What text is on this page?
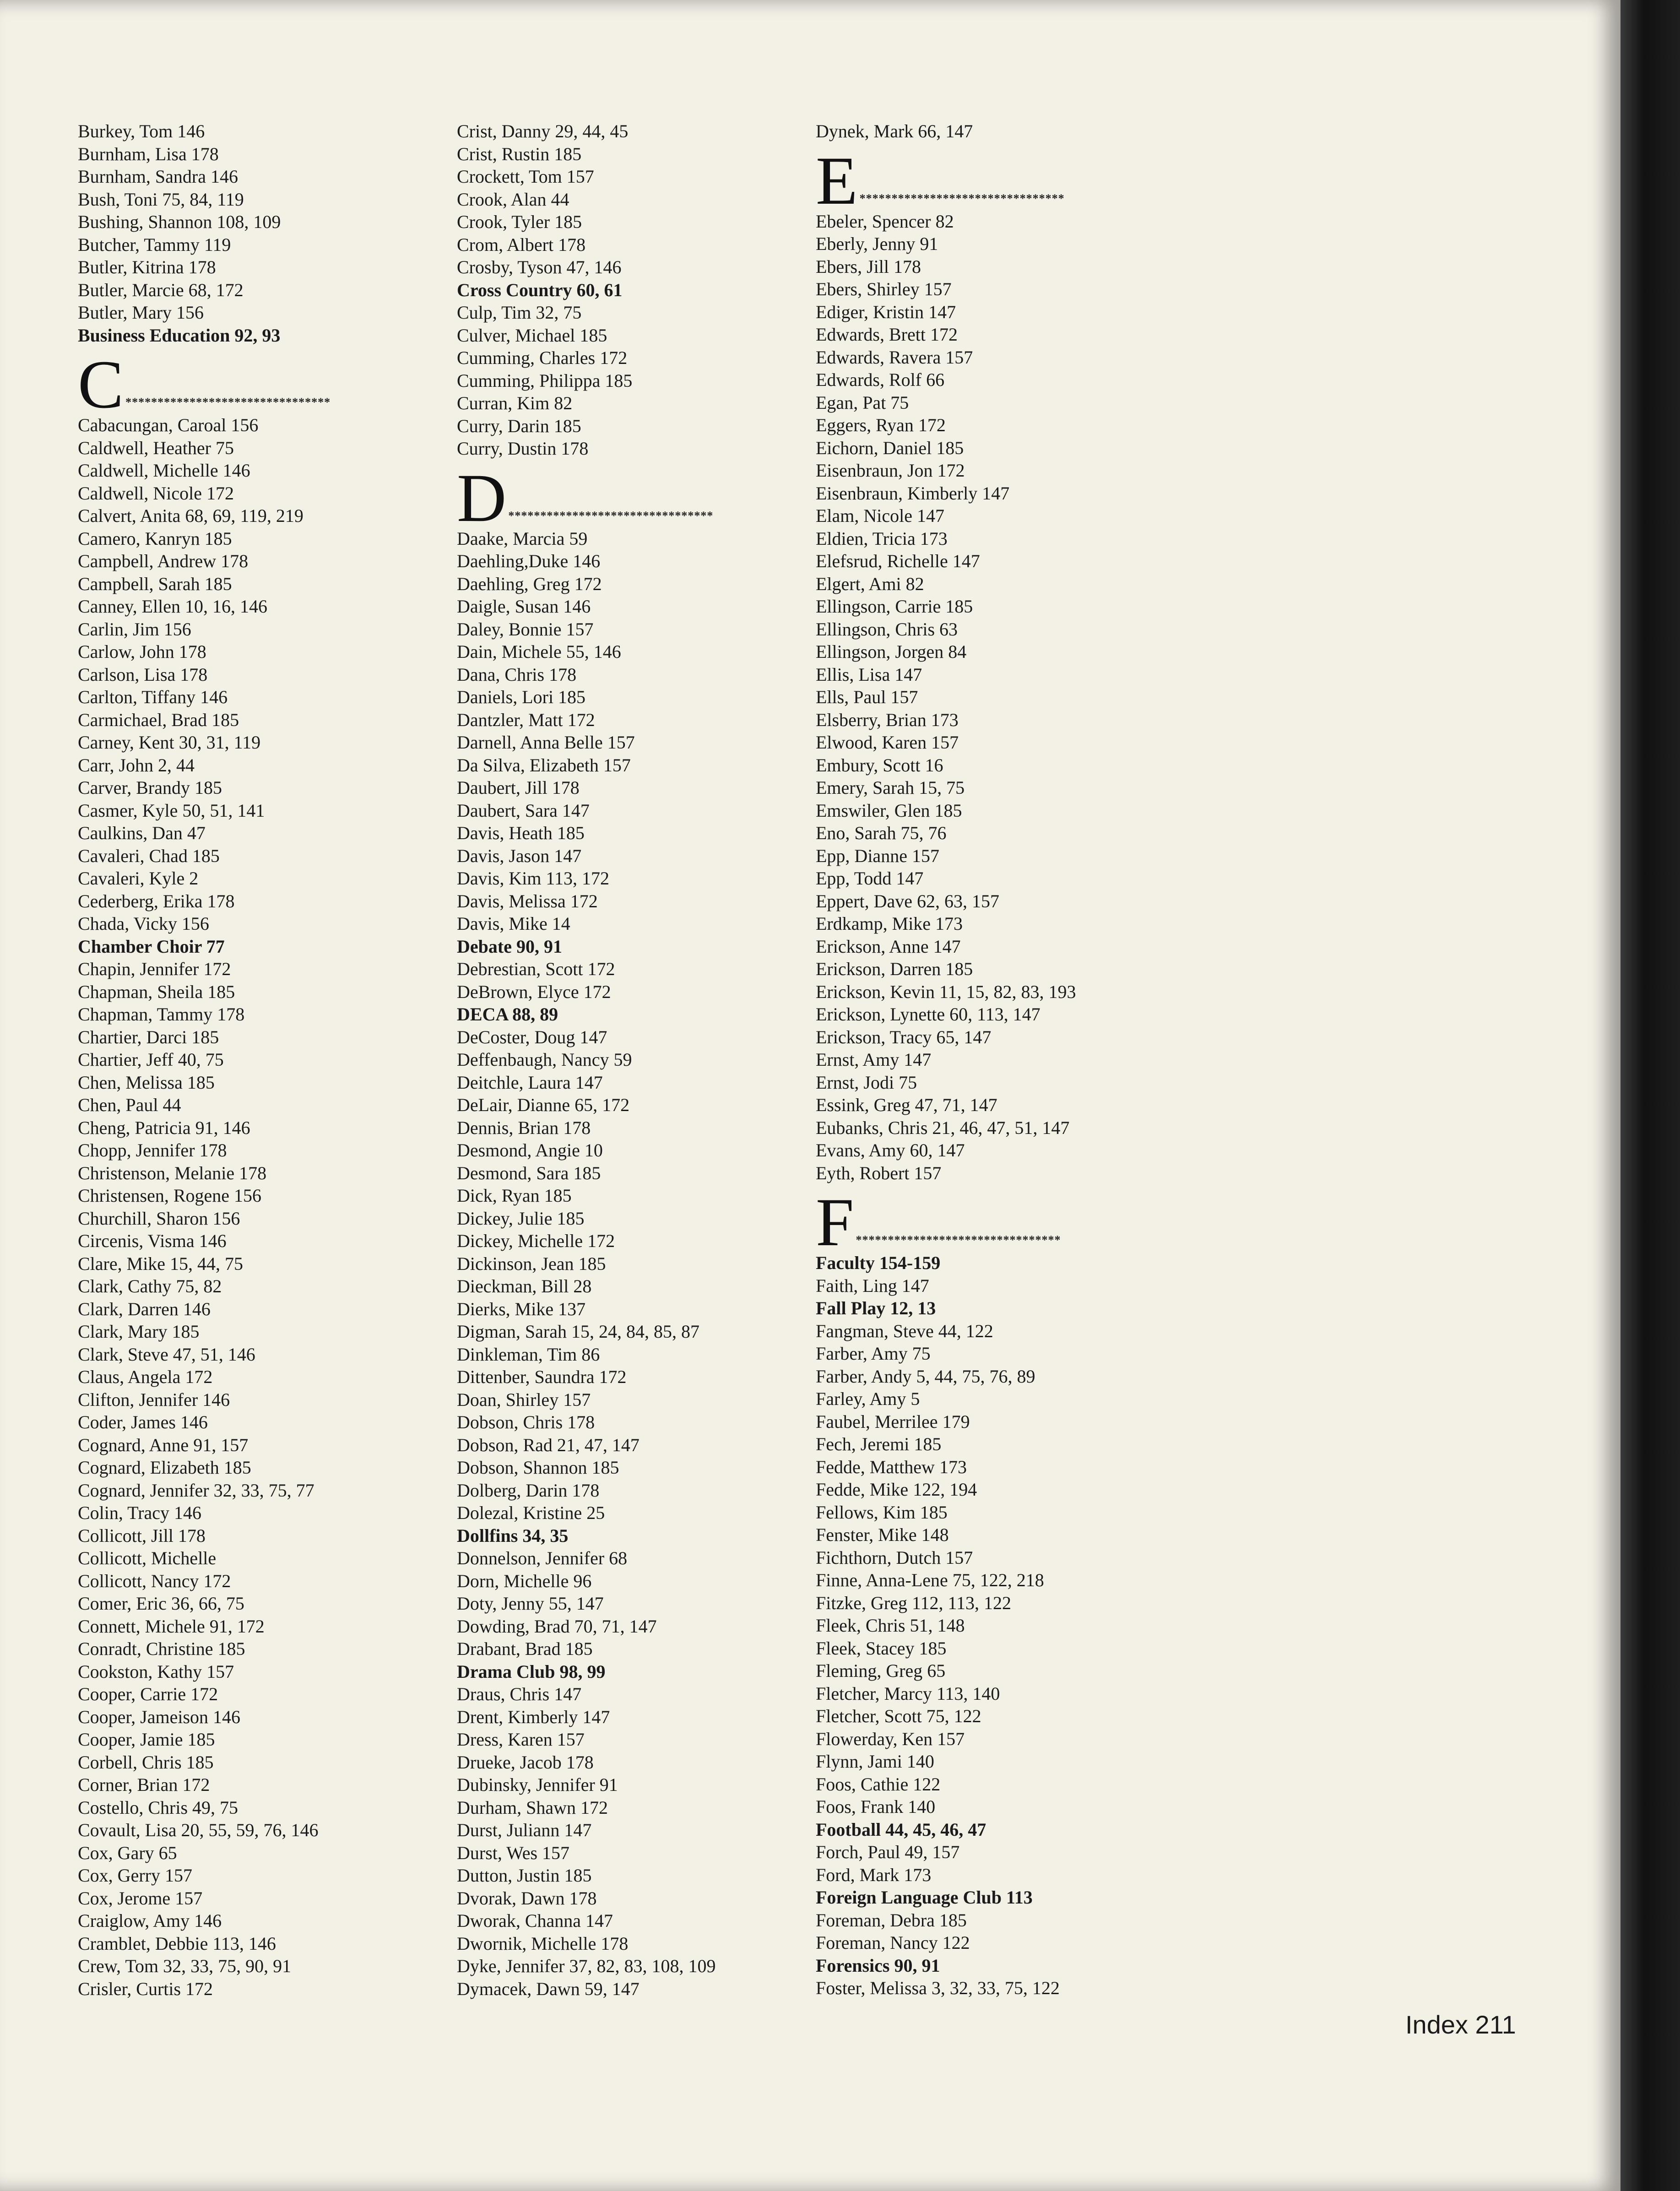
Burkey, Tom 146
Burnham, Lisa 178
Burnham, Sandra 146
Bush, Toni 75, 84, 119
Bushing, Shannon 108, 109
Butcher, Tammy 119
Butler, Kitrina 178
Butler, Marcie 68, 172
Butler, Mary 156
Business Education 92, 93
C ********************************
Cabacungan, Caroal 156
Caldwell, Heather 75
Caldwell, Michelle 146
Caldwell, Nicole 172
Calvert, Anita 68, 69, 119, 219
Camero, Kanryn 185
Campbell, Andrew 178
Campbell, Sarah 185
Canney, Ellen 10, 16, 146
Carlin, Jim 156
Carlow, John 178
Carlson, Lisa 178
Carlton, Tiffany 146
Carmichael, Brad 185
Carney, Kent 30, 31, 119
Carr, John 2, 44
Carver, Brandy 185
Casmer, Kyle 50, 51, 141
Caulkins, Dan 47
Cavaleri, Chad 185
Cavaleri, Kyle 2
Cederberg, Erika 178
Chada, Vicky 156
Chamber Choir 77
Chapin, Jennifer 172
Chapman, Sheila 185
Chapman, Tammy 178
Chartier, Darci 185
Chartier, Jeff 40, 75
Chen, Melissa 185
Chen, Paul 44
Cheng, Patricia 91, 146
Chopp, Jennifer 178
Christenson, Melanie 178
Christensen, Rogene 156
Churchill, Sharon 156
Circenis, Visma 146
Clare, Mike 15, 44, 75
Clark, Cathy 75, 82
Clark, Darren 146
Clark, Mary 185
Clark, Steve 47, 51, 146
Claus, Angela 172
Clifton, Jennifer 146
Coder, James 146
Cognard, Anne 91, 157
Cognard, Elizabeth 185
Cognard, Jennifer 32, 33, 75, 77
Colin, Tracy 146
Collicott, Jill 178
Collicott, Michelle
Collicott, Nancy 172
Comer, Eric 36, 66, 75
Connett, Michele 91, 172
Conradt, Christine 185
Cookston, Kathy 157
Cooper, Carrie 172
Cooper, Jameison 146
Cooper, Jamie 185
Corbell, Chris 185
Corner, Brian 172
Costello, Chris 49, 75
Covault, Lisa 20, 55, 59, 76, 146
Cox, Gary 65
Cox, Gerry 157
Cox, Jerome 157
Craiglow, Amy 146
Cramblet, Debbie 113, 146
Crew, Tom 32, 33, 75, 90, 91
Crisler, Curtis 172
Crist, Danny 29, 44, 45
Crist, Rustin 185
Crockett, Tom 157
Crook, Alan 44
Crook, Tyler 185
Crom, Albert 178
Crosby, Tyson 47, 146
Cross Country 60, 61
Culp, Tim 32, 75
Culver, Michael 185
Cumming, Charles 172
Cumming, Philippa 185
Curran, Kim 82
Curry, Darin 185
Curry, Dustin 178
D ********************************
Daake, Marcia 59
Daehling,Duke 146
Daehling, Greg 172
Daigle, Susan 146
Daley, Bonnie 157
Dain, Michele 55, 146
Dana, Chris 178
Daniels, Lori 185
Dantzler, Matt 172
Darnell, Anna Belle 157
Da Silva, Elizabeth 157
Daubert, Jill 178
Daubert, Sara 147
Davis, Heath 185
Davis, Jason 147
Davis, Kim 113, 172
Davis, Melissa 172
Davis, Mike 14
Debate 90, 91
Debrestian, Scott 172
DeBrown, Elyce 172
DECA 88, 89
DeCoster, Doug 147
Deffenbaugh, Nancy 59
Deitchle, Laura 147
DeLair, Dianne 65, 172
Dennis, Brian 178
Desmond, Angie 10
Desmond, Sara 185
Dick, Ryan 185
Dickey, Julie 185
Dickey, Michelle 172
Dickinson, Jean 185
Dieckman, Bill 28
Dierks, Mike 137
Digman, Sarah 15, 24, 84, 85, 87
Dinkleman, Tim 86
Dittenber, Saundra 172
Doan, Shirley 157
Dobson, Chris 178
Dobson, Rad 21, 47, 147
Dobson, Shannon 185
Dolberg, Darin 178
Dolezal, Kristine 25
Dollfins 34, 35
Donnelson, Jennifer 68
Dorn, Michelle 96
Doty, Jenny 55, 147
Dowding, Brad 70, 71, 147
Drabant, Brad 185
Drama Club 98, 99
Draus, Chris 147
Drent, Kimberly 147
Dress, Karen 157
Drueke, Jacob 178
Dubinsky, Jennifer 91
Durham, Shawn 172
Durst, Juliann 147
Durst, Wes 157
Dutton, Justin 185
Dvorak, Dawn 178
Dworak, Channa 147
Dwornik, Michelle 178
Dyke, Jennifer 37, 82, 83, 108, 109
Dymacek, Dawn 59, 147
Dynek, Mark 66, 147
E ********************************
Ebeler, Spencer 82
Eberly, Jenny 91
Ebers, Jill 178
Ebers, Shirley 157
Ediger, Kristin 147
Edwards, Brett 172
Edwards, Ravera 157
Edwards, Rolf 66
Egan, Pat 75
Eggers, Ryan 172
Eichorn, Daniel 185
Eisenbraun, Jon 172
Eisenbraun, Kimberly 147
Elam, Nicole 147
Eldien, Tricia 173
Elefsrud, Richelle 147
Elgert, Ami 82
Ellingson, Carrie 185
Ellingson, Chris 63
Ellingson, Jorgen 84
Ellis, Lisa 147
Ells, Paul 157
Elsberry, Brian 173
Elwood, Karen 157
Embury, Scott 16
Emery, Sarah 15, 75
Emswiler, Glen 185
Eno, Sarah 75, 76
Epp, Dianne 157
Epp, Todd 147
Eppert, Dave 62, 63, 157
Erdkamp, Mike 173
Erickson, Anne 147
Erickson, Darren 185
Erickson, Kevin 11, 15, 82, 83, 193
Erickson, Lynette 60, 113, 147
Erickson, Tracy 65, 147
Ernst, Amy 147
Ernst, Jodi 75
Essink, Greg 47, 71, 147
Eubanks, Chris 21, 46, 47, 51, 147
Evans, Amy 60, 147
Eyth, Robert 157
F ********************************
Faculty 154-159
Faith, Ling 147
Fall Play 12, 13
Fangman, Steve 44, 122
Farber, Amy 75
Farber, Andy 5, 44, 75, 76, 89
Farley, Amy 5
Faubel, Merrilee 179
Fech, Jeremi 185
Fedde, Matthew 173
Fedde, Mike 122, 194
Fellows, Kim 185
Fenster, Mike 148
Fichthorn, Dutch 157
Finne, Anna-Lene 75, 122, 218
Fitzke, Greg 112, 113, 122
Fleek, Chris 51, 148
Fleek, Stacey 185
Fleming, Greg 65
Fletcher, Marcy 113, 140
Fletcher, Scott 75, 122
Flowerday, Ken 157
Flynn, Jami 140
Foos, Cathie 122
Foos, Frank 140
Football 44, 45, 46, 47
Forch, Paul 49, 157
Ford, Mark 173
Foreign Language Club 113
Foreman, Debra 185
Foreman, Nancy 122
Forensics 90, 91
Foster, Melissa 3, 32, 33, 75, 122
Index 211
